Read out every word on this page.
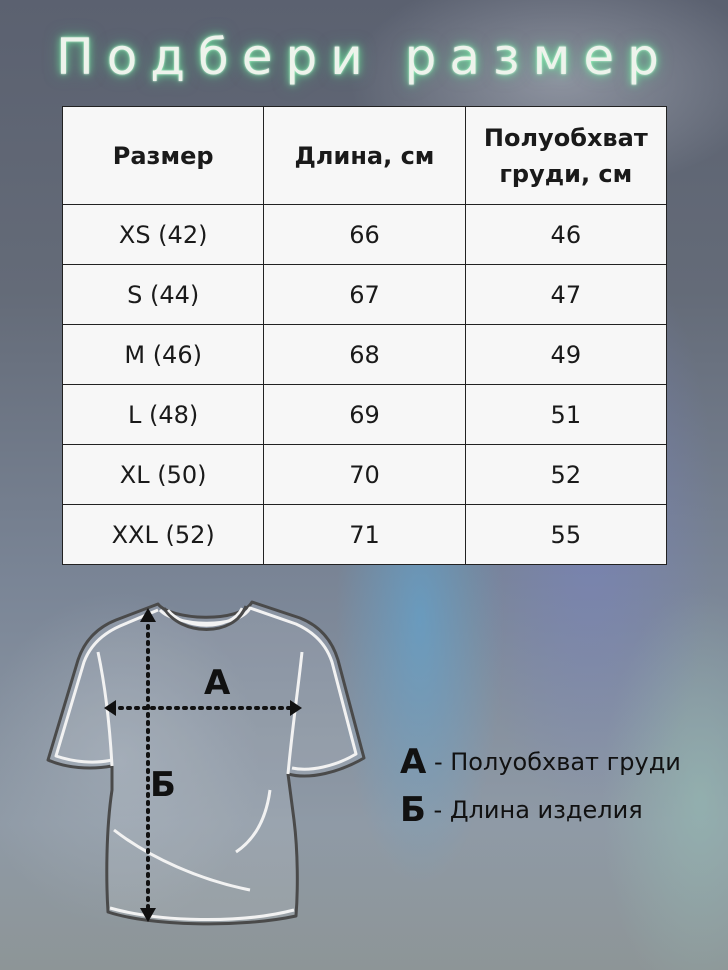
Подбери размер
Размер	Длина, см	Полуобхват
груди, см
XS (42)	66	46
S (44)	67	47
M (46)	68	49
L (48)	69	51
XL (50)	70	52
XXL (52)	71	55
А
Б
А - Полуобхват груди
Б - Длина изделия
